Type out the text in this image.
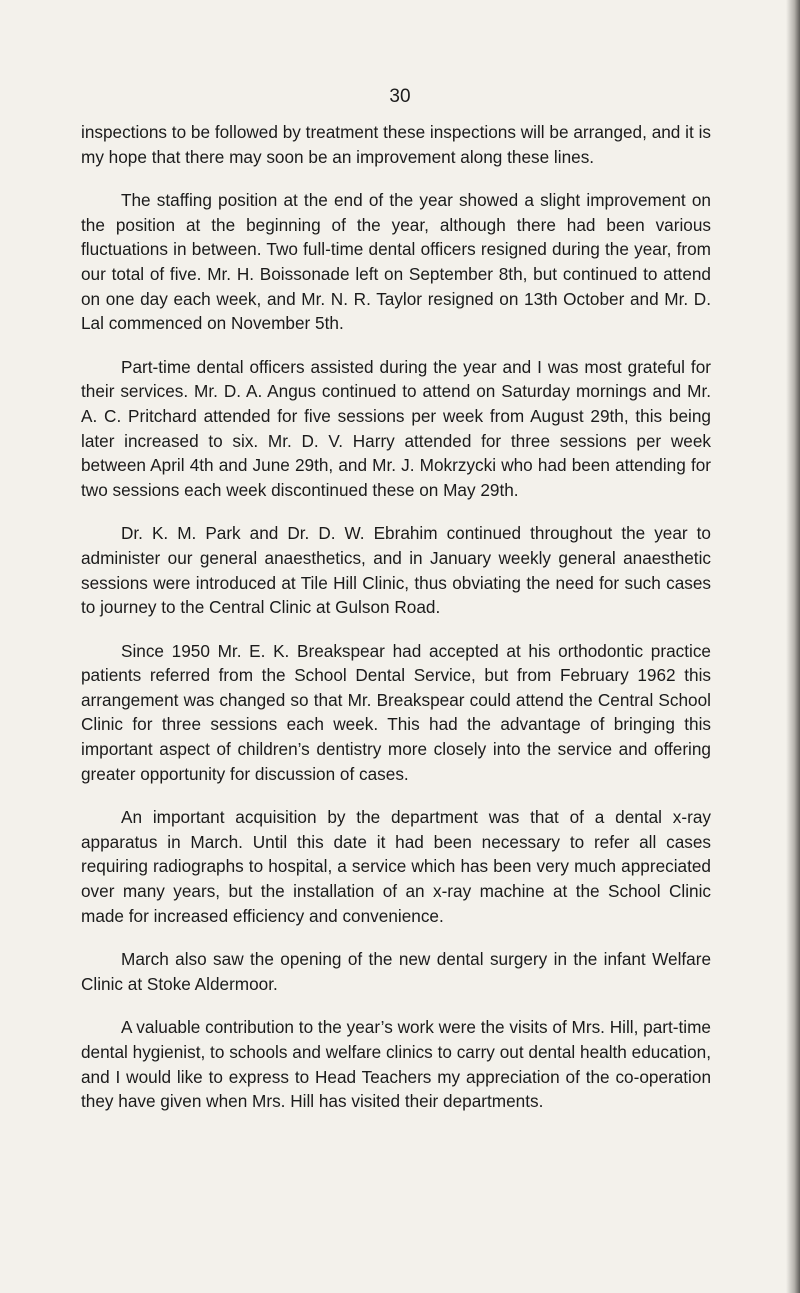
30

inspections to be followed by treatment these inspections will be arranged, and it is my hope that there may soon be an improvement along these lines.

The staffing position at the end of the year showed a slight improvement on the position at the beginning of the year, although there had been various fluctuations in between. Two full-time dental officers resigned during the year, from our total of five. Mr. H. Boissonade left on September 8th, but continued to attend on one day each week, and Mr. N. R. Taylor resigned on 13th October and Mr. D. Lal commenced on November 5th.

Part-time dental officers assisted during the year and I was most grateful for their services. Mr. D. A. Angus continued to attend on Saturday mornings and Mr. A. C. Pritchard attended for five sessions per week from August 29th, this being later increased to six. Mr. D. V. Harry attended for three sessions per week between April 4th and June 29th, and Mr. J. Mokrzycki who had been attending for two sessions each week discontinued these on May 29th.

Dr. K. M. Park and Dr. D. W. Ebrahim continued throughout the year to administer our general anaesthetics, and in January weekly general anaesthetic sessions were introduced at Tile Hill Clinic, thus obviating the need for such cases to journey to the Central Clinic at Gulson Road.

Since 1950 Mr. E. K. Breakspear had accepted at his orthodontic practice patients referred from the School Dental Service, but from February 1962 this arrangement was changed so that Mr. Breakspear could attend the Central School Clinic for three sessions each week. This had the advantage of bringing this important aspect of children’s dentistry more closely into the service and offering greater opportunity for discussion of cases.

An important acquisition by the department was that of a dental x-ray apparatus in March. Until this date it had been necessary to refer all cases requiring radiographs to hospital, a service which has been very much appreciated over many years, but the installation of an x-ray machine at the School Clinic made for increased efficiency and convenience.

March also saw the opening of the new dental surgery in the infant Welfare Clinic at Stoke Aldermoor.

A valuable contribution to the year’s work were the visits of Mrs. Hill, part-time dental hygienist, to schools and welfare clinics to carry out dental health education, and I would like to express to Head Teachers my appreciation of the co-operation they have given when Mrs. Hill has visited their departments.
